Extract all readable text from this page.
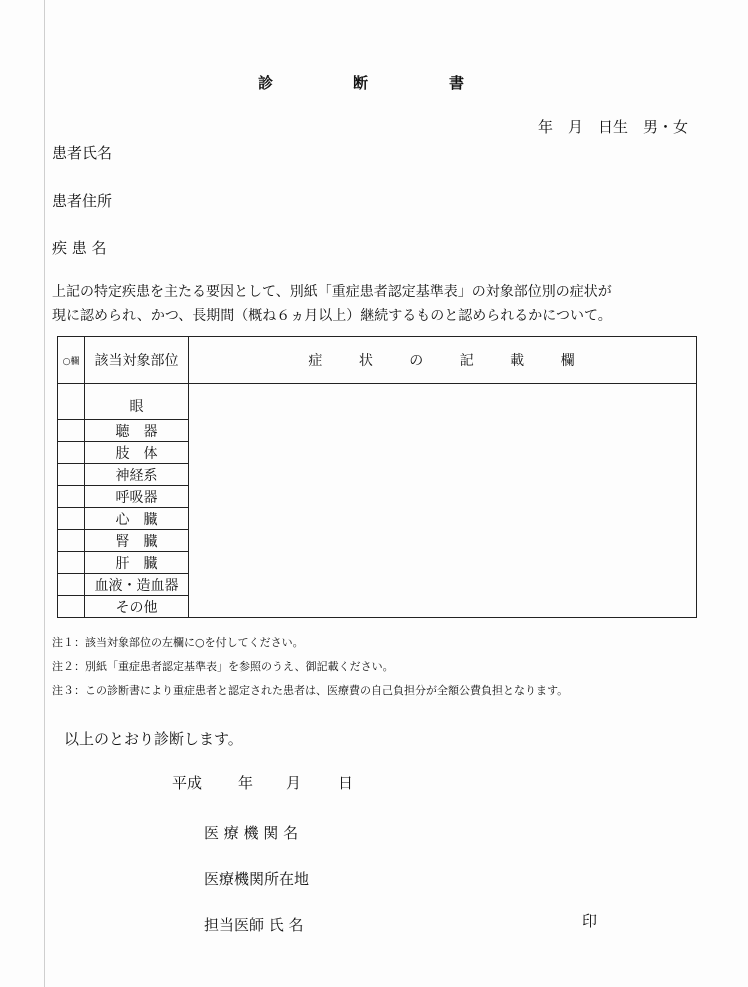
診	断	書
年　月　日生　男・女
患者氏名
患者住所
疾 患 名
上記の特定疾患を主たる要因として、別紙「重症患者認定基準表」の対象部位別の症状が
現に認められ、かつ、長期間（概ね６ヵ月以上）継続するものと認められるかについて。
○欄	該当対象部位	症 状 の 記 載 欄
	眼	
	聴　器	
	肢　体	
	神経系	
	呼吸器	
	心　臓	
	腎　臓	
	肝　臓	
	血液・造血器	
	その他	
注１：該当対象部位の左欄に○を付してください。
注２：別紙「重症患者認定基準表」を参照のうえ、御記載ください。
注３：この診断書により重症患者と認定された患者は、医療費の自己負担分が全額公費負担となります。
以上のとおり診断します。
平成 年 月 日
医 療 機 関 名
医療機関所在地
担当医師 氏 名	印
